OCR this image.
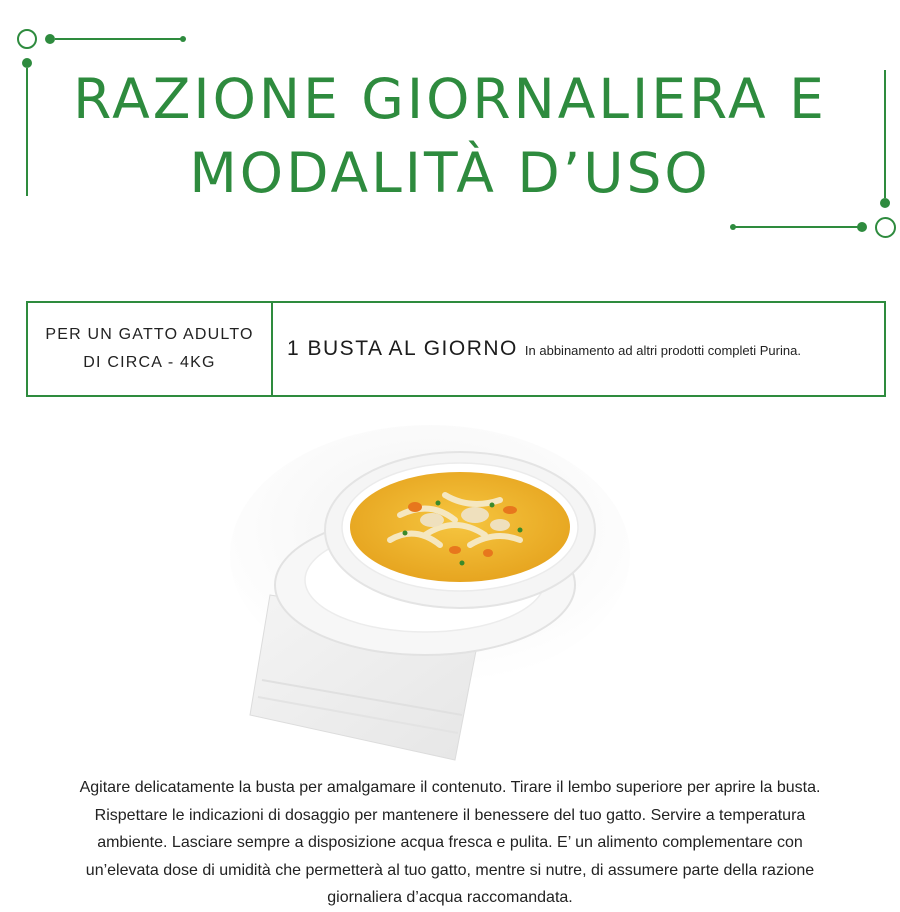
RAZIONE GIORNALIERA E
MODALITÀ D’USO
PER UN GATTO ADULTO
DI CIRCA - 4KG
1 BUSTA AL GIORNO In abbinamento ad altri prodotti completi Purina.

Agitare delicatamente la busta per amalgamare il contenuto. Tirare il lembo superiore per aprire la busta. Rispettare le indicazioni di dosaggio per mantenere il benessere del tuo gatto. Servire a temperatura ambiente. Lasciare sempre a disposizione acqua fresca e pulita. E’ un alimento complementare con un’elevata dose di umidità che permetterà al tuo gatto, mentre si nutre, di assumere parte della razione giornaliera d’acqua raccomandata.
